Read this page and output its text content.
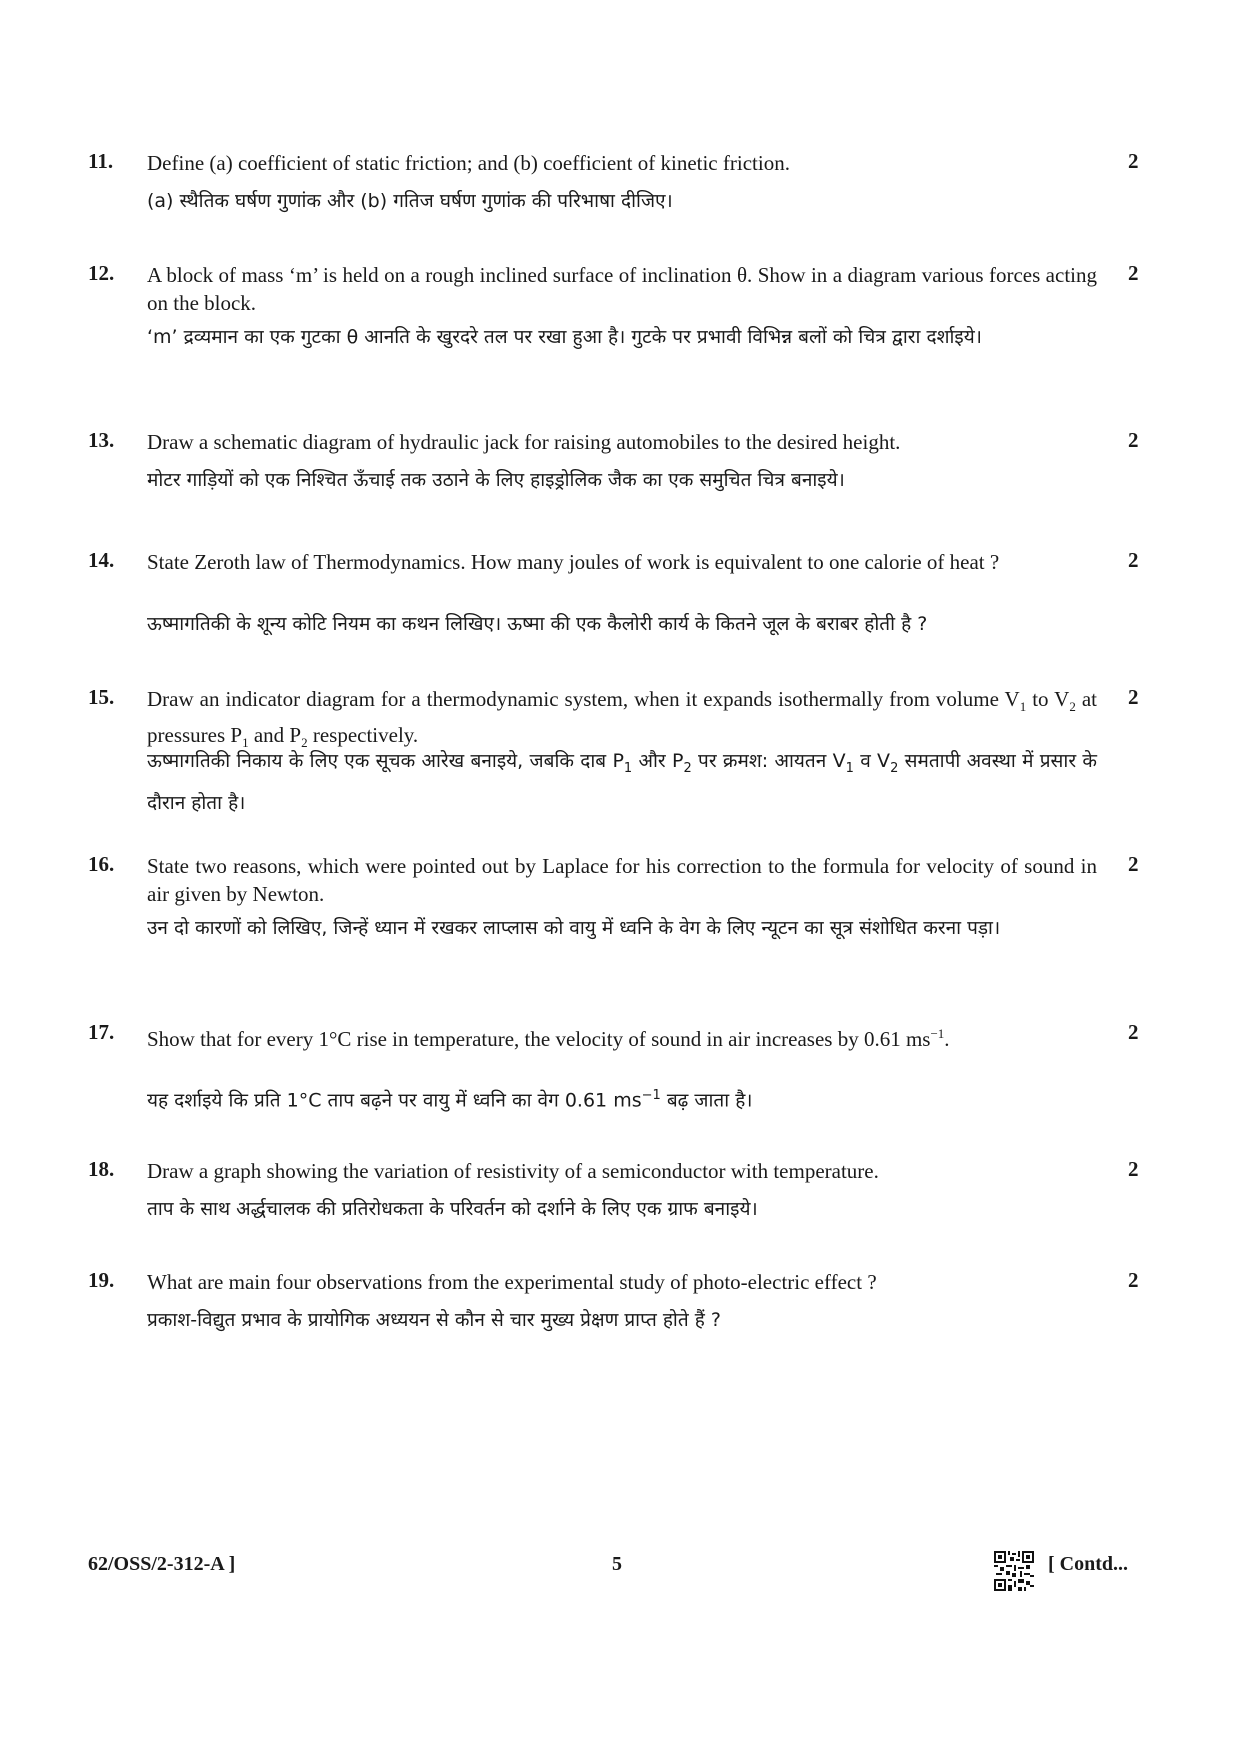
11. Define (a) coefficient of static friction; and (b) coefficient of kinetic friction.
(a) स्थैतिक घर्षण गुणांक और (b) गतिज घर्षण गुणांक की परिभाषा दीजिए।
2
12. A block of mass ‘m’ is held on a rough inclined surface of inclination θ. Show in a diagram various forces acting on the block.
‘m’ द्रव्यमान का एक गुटका θ आनति के खुरदरे तल पर रखा हुआ है। गुटके पर प्रभावी विभिन्न बलों को चित्र द्वारा दर्शाइये।
2
13. Draw a schematic diagram of hydraulic jack for raising automobiles to the desired height.
मोटर गाड़ियों को एक निश्चित ऊँचाई तक उठाने के लिए हाइड्रोलिक जैक का एक समुचित चित्र बनाइये।
2
14. State Zeroth law of Thermodynamics. How many joules of work is equivalent to one calorie of heat ?
ऊष्मागतिकी के शून्य कोटि नियम का कथन लिखिए। ऊष्मा की एक कैलोरी कार्य के कितने जूल के बराबर होती है ?
2
15. Draw an indicator diagram for a thermodynamic system, when it expands isothermally from volume $V_1$ to $V_2$ at pressures $P_1$ and $P_2$ respectively.
ऊष्मागतिकी निकाय के लिए एक सूचक आरेख बनाइये, जबकि दाब $P_1$ और $P_2$ पर क्रमश: आयतन $V_1$ व $V_2$ समतापी अवस्था में प्रसार के दौरान होता है।
2
16. State two reasons, which were pointed out by Laplace for his correction to the formula for velocity of sound in air given by Newton.
उन दो कारणों को लिखिए, जिन्हें ध्यान में रखकर लाप्लास को वायु में ध्वनि के वेग के लिए न्यूटन का सूत्र संशोधित करना पड़ा।
2
17. Show that for every 1°C rise in temperature, the velocity of sound in air increases by 0.61 $ms^{-1}$.
यह दर्शाइये कि प्रति 1°C ताप बढ़ने पर वायु में ध्वनि का वेग 0.61 $ms^{-1}$ बढ़ जाता है।
2
18. Draw a graph showing the variation of resistivity of a semiconductor with temperature.
ताप के साथ अर्द्धचालक की प्रतिरोधकता के परिवर्तन को दर्शाने के लिए एक ग्राफ बनाइये।
2
19. What are main four observations from the experimental study of photo-electric effect ?
प्रकाश-विद्युत प्रभाव के प्रायोगिक अध्ययन से कौन से चार मुख्य प्रेक्षण प्राप्त होते हैं ?
2
62/OSS/2-312-A ]	5	[ Contd...
